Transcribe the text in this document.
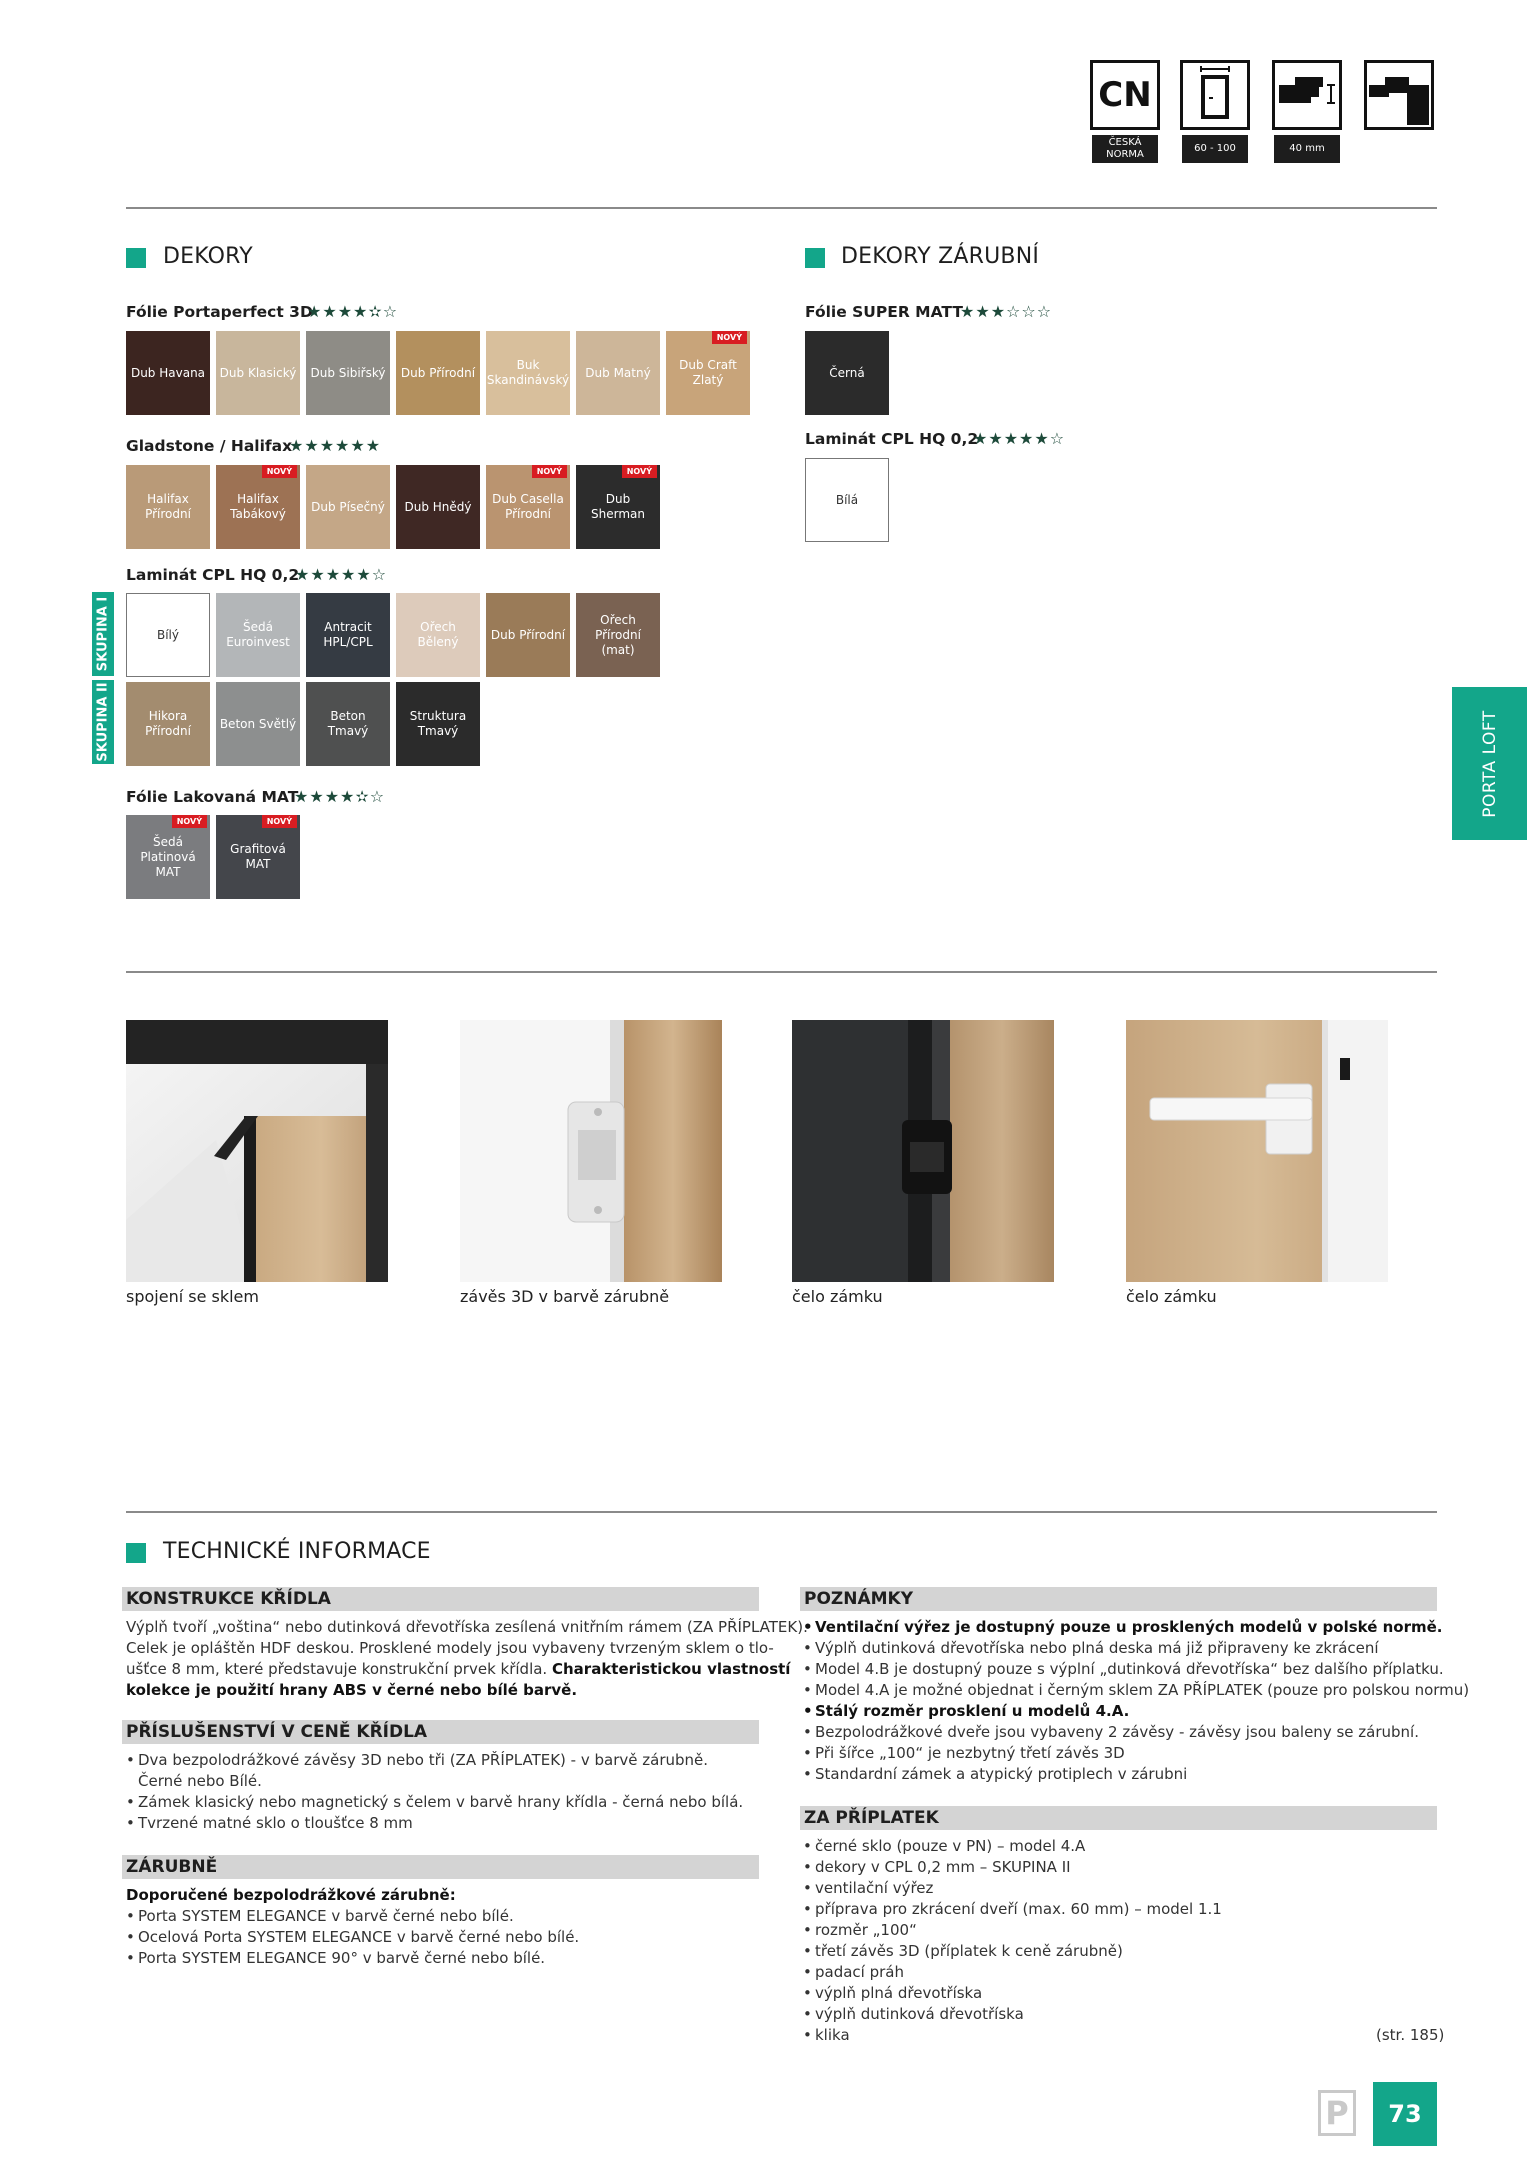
CN
ČESKÁ NORMA
60 - 100	40 mm
DEKORY
Fólie Portaperfect 3D
★★★★✫☆
Dub Havana Dub Klasický Dub Sibiřský Dub Přírodní
Buk Skandinávský
Dub Matný
Dub Craft Zlatý
NOVÝ
Gladstone / Halifax
★★★★★★
Halifax Přírodní
Halifax Tabákový
NOVÝ
Dub Písečný Dub Hnědý
Dub Casella Přírodní
NOVÝ
Dub Sherman
NOVÝ
Laminát CPL HQ 0,2
★★★★★☆
Bílý
Šedá Euroinvest
Antracit HPL/CPL
Ořech Bělený
Dub Přírodní
Ořech Přírodní (mat)
Hikora Přírodní
Beton Světlý
Beton Tmavý
Struktura Tmavý
SKUPINA I
SKUPINA II
Fólie Lakovaná MAT
★★★★✫☆
Šedá Platinová MAT
NOVÝ
Grafitová MAT
NOVÝ
DEKORY ZÁRUBNÍ
Fólie SUPER MATT
★★★☆☆☆
Černá
Laminát CPL HQ 0,2
★★★★★☆
Bílá
PORTA LOFT
spojení se sklem	závěs 3D v barvě zárubně	čelo zámku	čelo zámku
TECHNICKÉ INFORMACE
KONSTRUKCE KŘÍDLA
Výplň tvoří „voština“ nebo dutinková dřevotříska zesílená vnitřním rámem (ZA PŘÍPLATEK).
Celek je opláštěn HDF deskou. Prosklené modely jsou vybaveny tvrzeným sklem o tlo-
ušťce 8 mm, které představuje konstrukční prvek křídla. Charakteristickou vlastností
kolekce je použití hrany ABS v černé nebo bílé barvě.
PŘÍSLUŠENSTVÍ V CENĚ KŘÍDLA
• Dva bezpolodrážkové závěsy 3D nebo tři (ZA PŘÍPLATEK) - v barvě zárubně.
Černé nebo Bílé.
• Zámek klasický nebo magnetický s čelem v barvě hrany křídla - černá nebo bílá.
• Tvrzené matné sklo o tloušťce 8 mm
ZÁRUBNĚ
Doporučené bezpolodrážkové zárubně:
• Porta SYSTEM ELEGANCE v barvě černé nebo bílé.
• Ocelová Porta SYSTEM ELEGANCE v barvě černé nebo bílé.
• Porta SYSTEM ELEGANCE 90° v barvě černé nebo bílé.
POZNÁMKY
• Ventilační výřez je dostupný pouze u prosklených modelů v polské normě.
• Výplň dutinková dřevotříska nebo plná deska má již připraveny ke zkrácení
• Model 4.B je dostupný pouze s výplní „dutinková dřevotříska“ bez dalšího příplatku.
• Model 4.A je možné objednat i černým sklem ZA PŘÍPLATEK (pouze pro polskou normu)
• Stálý rozměr prosklení u modelů 4.A.
• Bezpolodrážkové dveře jsou vybaveny 2 závěsy - závěsy jsou baleny se zárubní.
• Při šířce „100“ je nezbytný třetí závěs 3D
• Standardní zámek a atypický protiplech v zárubni
ZA PŘÍPLATEK
• černé sklo (pouze v PN) – model 4.A
• dekory v CPL 0,2 mm – SKUPINA II
• ventilační výřez
• příprava pro zkrácení dveří (max. 60 mm) – model 1.1
• rozměr „100“
• třetí závěs 3D (příplatek k ceně zárubně)
• padací práh
• výplň plná dřevotříska
• výplň dutinková dřevotříska
• klika	(str. 185)
P	73
